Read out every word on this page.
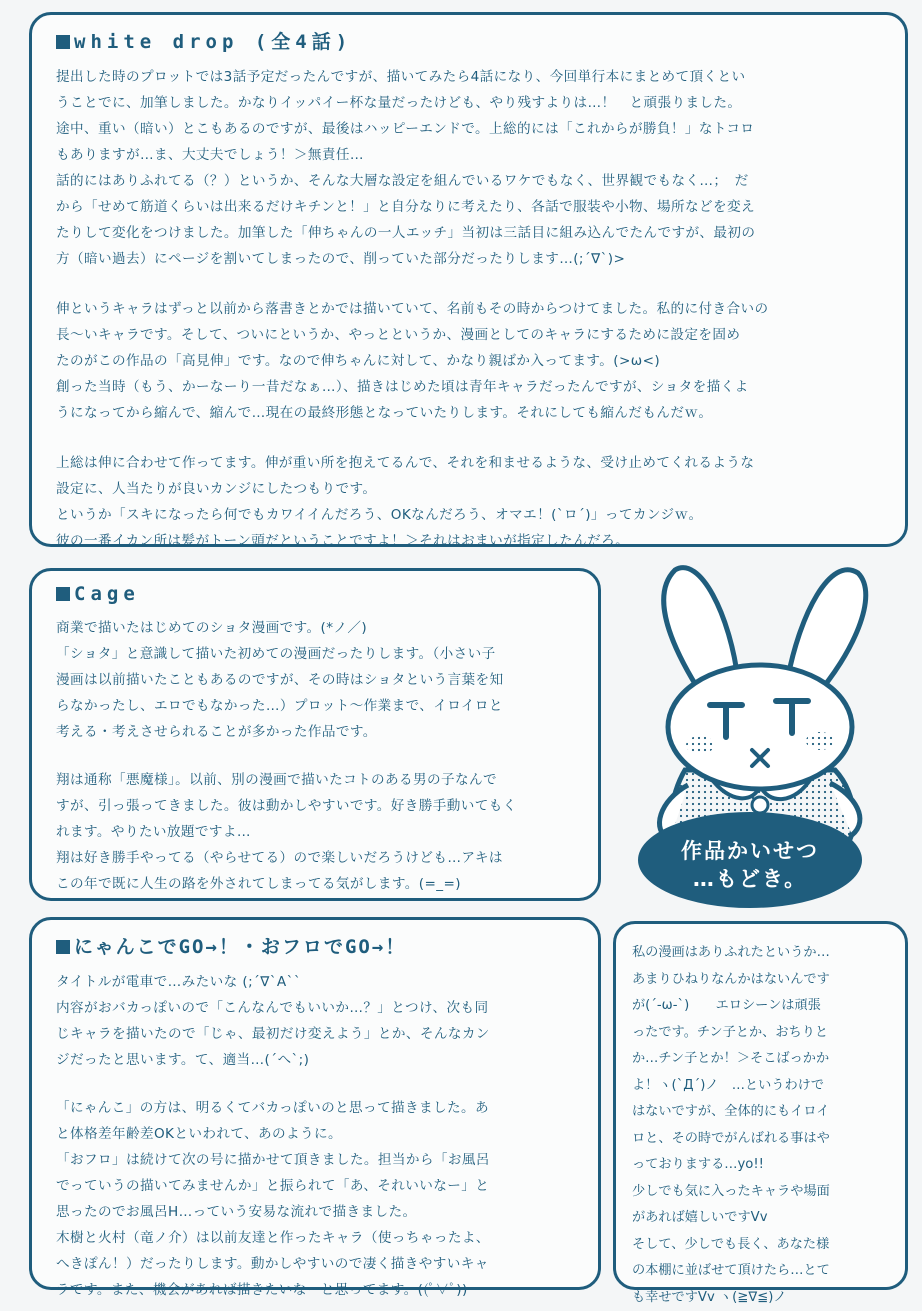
white drop (全4話)

提出した時のプロットでは3話予定だったんですが、描いてみたら4話になり、今回単行本にまとめて頂くとい
うことでに、加筆しました。かなりイッパイー杯な量だったけども、やり残すよりは…！　と頑張りました。
途中、重い（暗い）とこもあるのですが、最後はハッピーエンドで。上総的には「これからが勝負！」なトコロ
もありますが…ま、大丈夫でしょう！＞無責任…
話的にはありふれてる（？）というか、そんな大層な設定を組んでいるワケでもなく、世界観でもなく…；　だ
から「せめて筋道くらいは出来るだけキチンと！」と自分なりに考えたり、各話で服装や小物、場所などを変え
たりして変化をつけました。加筆した「伸ちゃんの一人エッチ」当初は三話目に組み込んでたんですが、最初の
方（暗い過去）にページを割いてしまったので、削っていた部分だったりします…(;´∇`)>

伸というキャラはずっと以前から落書きとかでは描いていて、名前もその時からつけてました。私的に付き合いの
長～いキャラです。そして、ついにというか、やっとというか、漫画としてのキャラにするために設定を固め
たのがこの作品の「高見伸」です。なので伸ちゃんに対して、かなり親ばか入ってます。(>ω<)
創った当時（もう、かーなーり一昔だなぁ…）、描きはじめた頃は青年キャラだったんですが、ショタを描くよ
うになってから縮んで、縮んで…現在の最終形態となっていたりします。それにしても縮んだもんだｗ。

上総は伸に合わせて作ってます。伸が重い所を抱えてるんで、それを和ませるような、受け止めてくれるような
設定に、人当たりが良いカンジにしたつもりです。
というか「スキになったら何でもカワイイんだろう、OKなんだろう、オマエ！(`ロ´)」ってカンジｗ。
彼の一番イカン所は髪がトーン頭だということですよ！＞それはおまいが指定したんだろ。

Cage

商業で描いたはじめてのショタ漫画です。(*ノ／)
「ショタ」と意識して描いた初めての漫画だったりします。（小さい子
漫画は以前描いたこともあるのですが、その時はショタという言葉を知
らなかったし、エロでもなかった…）プロット～作業まで、イロイロと
考える・考えさせられることが多かった作品です。

翔は通称「悪魔様」。以前、別の漫画で描いたコトのある男の子なんで
すが、引っ張ってきました。彼は動かしやすいです。好き勝手動いてもく
れます。やりたい放題ですよ…
翔は好き勝手やってる（やらせてる）ので楽しいだろうけども…アキは
この年で既に人生の路を外されてしまってる気がします。(=_=)

作品かいせつ
…もどき。
にゃんこでGO→！・おフロでGO→！

タイトルが電車で…みたいな (;´∇`A``
内容がおバカっぽいので「こんなんでもいいか…？」とつけ、次も同
じキャラを描いたので「じゃ、最初だけ変えよう」とか、そんなカン
ジだったと思います。て、適当…(´へ`;)

「にゃんこ」の方は、明るくてバカっぽいのと思って描きました。あ
と体格差年齢差OKといわれて、あのように。
「おフロ」は続けて次の号に描かせて頂きました。担当から「お風呂
でっていうの描いてみませんか」と振られて「あ、それいいなー」と
思ったのでお風呂H…っていう安易な流れで描きました。
木樹と火村（竜ノ介）は以前友達と作ったキャラ（使っちゃったよ、
へきぽん！）だったりします。動かしやすいので凄く描きやすいキャ
ラです。また、機会があれば描きたいなーと思ってます。((ﾟ∀ﾟ))

私の漫画はありふれたというか…
あまりひねりなんかはないんです
が(´-ω-`)　　エロシーンは頑張
ったです。チン子とか、おちりと
か…チン子とか！＞そこばっかか
よ！ヽ(`Д´)ノ　…というわけで
はないですが、全体的にもイロイ
ロと、その時でがんばれる事はや
っておりまする…yo!!
少しでも気に入ったキャラや場面
があれば嬉しいですVv
そして、少しでも長く、あなた様
の本棚に並ばせて頂けたら…とて
も幸せですVv ヽ(≧∇≦)ノ
